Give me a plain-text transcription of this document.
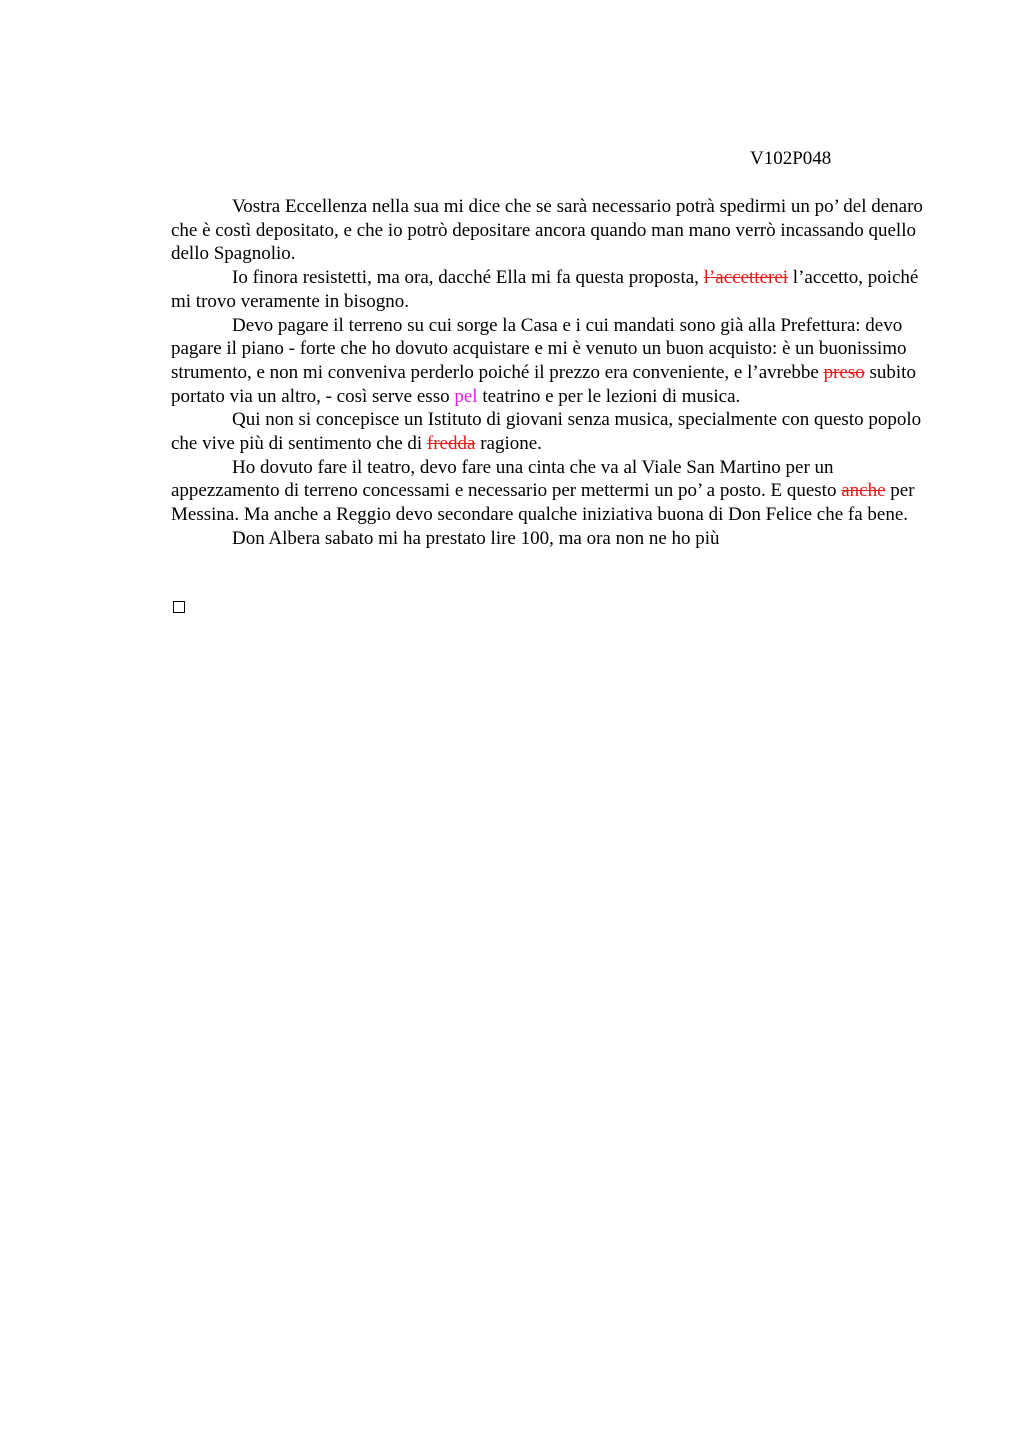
V102P048

Vostra Eccellenza nella sua mi dice che se sarà necessario potrà spedirmi un po’ del denaro che è costì depositato, e che io potrò depositare ancora quando man mano verrò incassando quello dello Spagnolio.

Io finora resistetti, ma ora, dacché Ella mi fa questa proposta, l’accetterei l’accetto, poiché mi trovo veramente in bisogno.

Devo pagare il terreno su cui sorge la Casa e i cui mandati sono già alla Prefettura: devo pagare il piano - forte che ho dovuto acquistare e mi è venuto un buon acquisto: è un buonissimo strumento, e non mi conveniva perderlo poiché il prezzo era conveniente, e l’avrebbe preso subito portato via un altro, - così serve esso pel teatrino e per le lezioni di musica.

Qui non si concepisce un Istituto di giovani senza musica, specialmente con questo popolo che vive più di sentimento che di fredda ragione.

Ho dovuto fare il teatro, devo fare una cinta che va al Viale San Martino per un appezzamento di terreno concessami e necessario per mettermi un po’ a posto. E questo anche per Messina. Ma anche a Reggio devo secondare qualche iniziativa buona di Don Felice che fa bene.

Don Albera sabato mi ha prestato lire 100, ma ora non ne ho più
